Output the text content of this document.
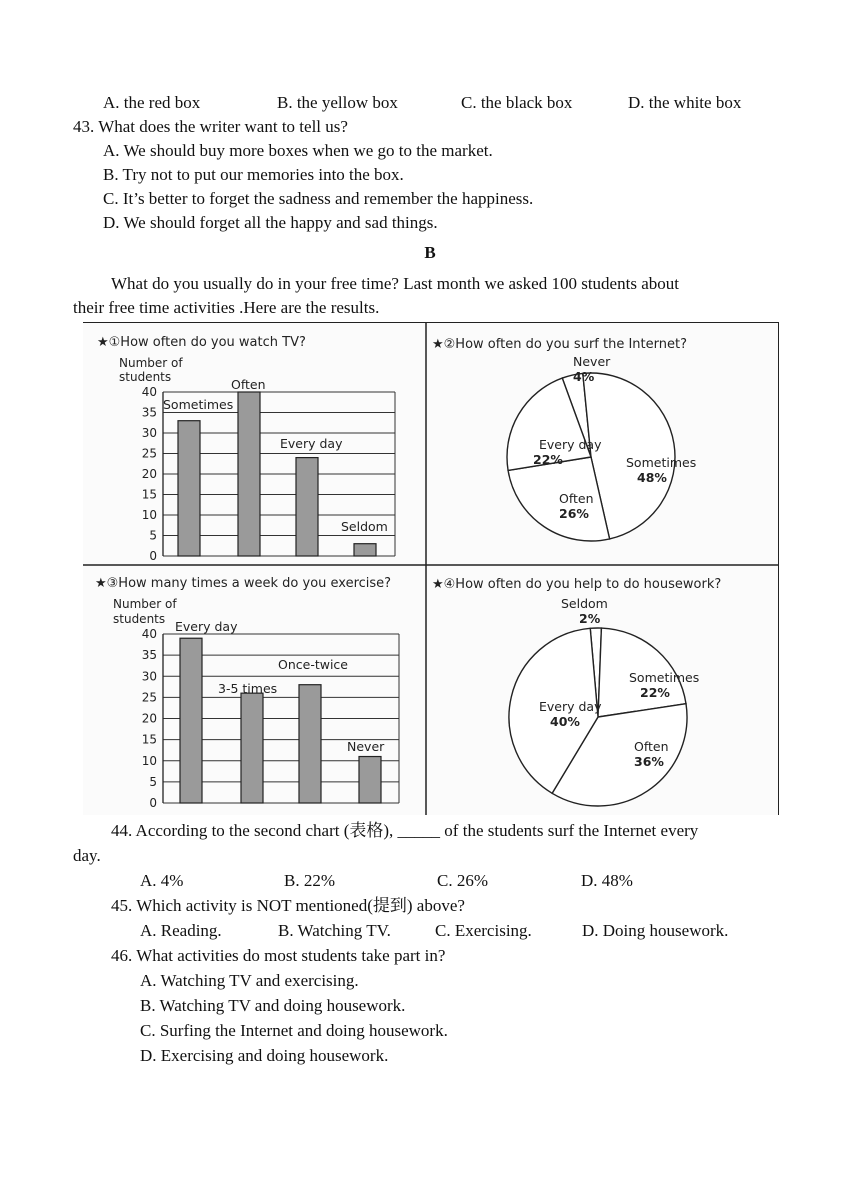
A. the red box	B. the yellow box	C. the black box	D. the white box
43. What does the writer want to tell us?
A. We should buy more boxes when we go to the market.
B. Try not to put our memories into the box.
C. It’s better to forget the sadness and remember the happiness.
D. We should forget all the happy and sad things.
B
What do you usually do in your free time? Last month we asked 100 students about
their free time activities .Here are the results.
★①How often do you watch TV?
Number of
students
0
5
10
15
20
25
30
35
40
Sometimes
Often
Every day
Seldom
★③How many times a week do you exercise?
Number of
students
0
5
10
15
20
25
30
35
40 Every day
3-5 times
Once-twice
Never
★②How often do you surf the Internet?
Never
4%
Sometimes
48%
Often
26%
Every day
22%
★④How often do you help to do housework?
Seldom
2%
Sometimes
22%
Often
36%
Every day
40%
44. According to the second chart (表格), _____ of the students surf the Internet every
day.
A. 4%	B. 22%	C. 26%	D. 48%
45. Which activity is NOT mentioned(提到) above?
A. Reading.	B. Watching TV.	C. Exercising.	D. Doing housework.
46. What activities do most students take part in?
A. Watching TV and exercising.
B. Watching TV and doing housework.
C. Surfing the Internet and doing housework.
D. Exercising and doing housework.
